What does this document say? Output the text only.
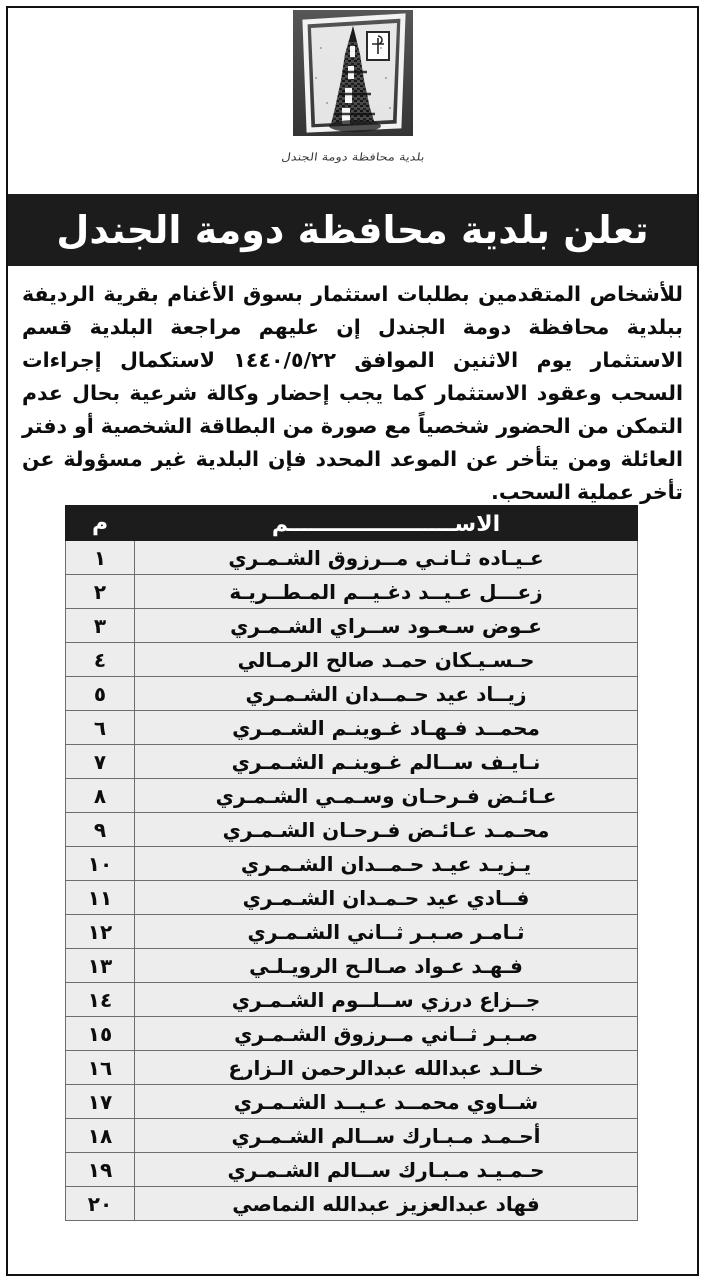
بلدية محافظة دومة الجندل
تعلن بلدية محافظة دومة الجندل
للأشخاص المتقدمين بطلبات استثمار بسوق الأغنام بقرية الرديفة ببلدية محافظة دومة الجندل إن عليهم مراجعة البلدية قسم الاستثمار يوم الاثنين الموافق ١٤٤٠/٥/٢٢ لاستكمال إجراءات السحب وعقود الاستثمار كما يجب إحضار وكالة شرعية بحال عدم التمكن من الحضور شخصياً مع صورة من البطاقة الشخصية أو دفتر العائلة ومن يتأخر عن الموعد المحدد فإن البلدية غير مسؤولة عن تأخر عملية السحب.
الاســــــــــــــــــــــم	م
عـيـاده ثـانـي مــرزوق الشـمـري	١
زعـــل عـيــد دغـيــم المـطــريـة	٢
عـوض سـعـود ســراي الشـمـري	٣
حـسـيـكان حمـد صالح الرمـالي	٤
زيــاد عيد حـمــدان الشـمـري	٥
محمــد فـهـاد غـوينـم الشـمـري	٦
نـايـف ســالم غـوينـم الشـمـري	٧
عـائـض فـرحـان وسـمـي الشـمـري	٨
محـمـد عـائـض فـرحـان الشـمـري	٩
يـزيـد عيـد حـمــدان الشـمـري	١٠
فــادي عيد حـمـدان الشـمـري	١١
ثـامـر صـبـر ثــاني الشـمـري	١٢
فـهـد عـواد صـالـح الرويـلـي	١٣
جــزاع درزي ســلــوم الشـمـري	١٤
صـبـر ثــاني مــرزوق الشـمـري	١٥
خـالـد عبدالله عبدالرحمن الـزارع	١٦
شــاوي محمــد عـيــد الشـمـري	١٧
أحـمـد مـبـارك ســالم الشـمـري	١٨
حـمـيـد مـبـارك ســالم الشـمـري	١٩
فهاد عبدالعزيز عبدالله النماصي	٢٠
